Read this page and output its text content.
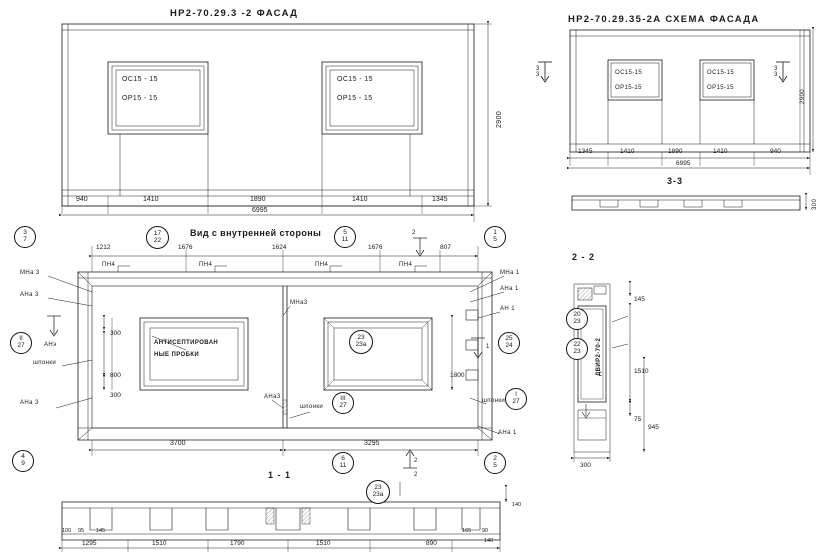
НР2-70.29.3 -2 ФАСАД
ОС15 - 15
ОР15 - 15
ОС15 - 15
ОР15 - 15
2900
940	1410	1890	1410	1345
6995
НР2-70.29.35-2А СХЕМА ФАСАДА
ОС15-15
ОР15-15
ОС15-15
ОР15-15
3
3
3
3
2900
1345	1410	1890	1410	940
6995
3-3
300
Вид с внутренней стороны
1212	1676	1624	1676	807
ПН4	ПН4	ПН4	ПН4
МНа 3
АНа 3
АНэ
шпонки
АНа 3
МНа 1
АНа 1
АН 1
шпонки
АНа 1
МНа3
АНа3
шпонки
АНТИСЕПТИРОВАН
НЫЕ ПРОБКИ
300
800
300
1800
3700	3295
2
2
1
1 - 1
3
7
17
22
5
11
1
5
23
23а
25
24
II
27
III
27
I
27
4
9
6
11
2
5
2 - 2
ДВИР2-70-2
145
1510
75
945
300
20
23
22
23
1295	1510	1790	1510	890
100 95 145	165 90
140
140
23
23а
2
